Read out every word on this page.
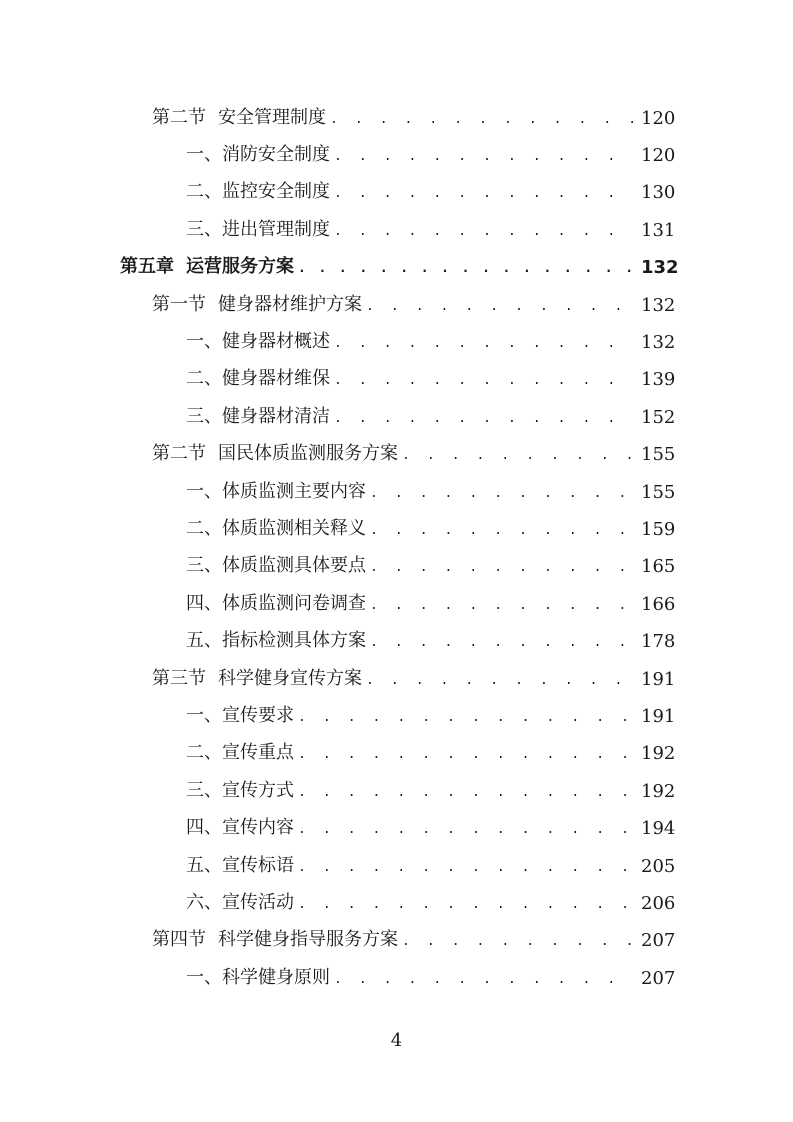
第二节 安全管理制度 . . .	120
一、消防安全制度 . . .	120
二、监控安全制度 . . .	130
三、进出管理制度 . . .	131
第五章 运营服务方案 . . .	132
第一节 健身器材维护方案 . . .	132
一、健身器材概述 . . .	132
二、健身器材维保 . . .	139
三、健身器材清洁 . . .	152
第二节 国民体质监测服务方案 . . .	155
一、体质监测主要内容 . . .	155
二、体质监测相关释义 . . .	159
三、体质监测具体要点 . . .	165
四、体质监测问卷调查 . . .	166
五、指标检测具体方案 . . .	178
第三节 科学健身宣传方案 . . .	191
一、宣传要求 . . .	191
二、宣传重点 . . .	192
三、宣传方式 . . .	192
四、宣传内容 . . .	194
五、宣传标语 . . .	205
六、宣传活动 . . .	206
第四节 科学健身指导服务方案 . . .	207
一、科学健身原则 . . .	207
4
